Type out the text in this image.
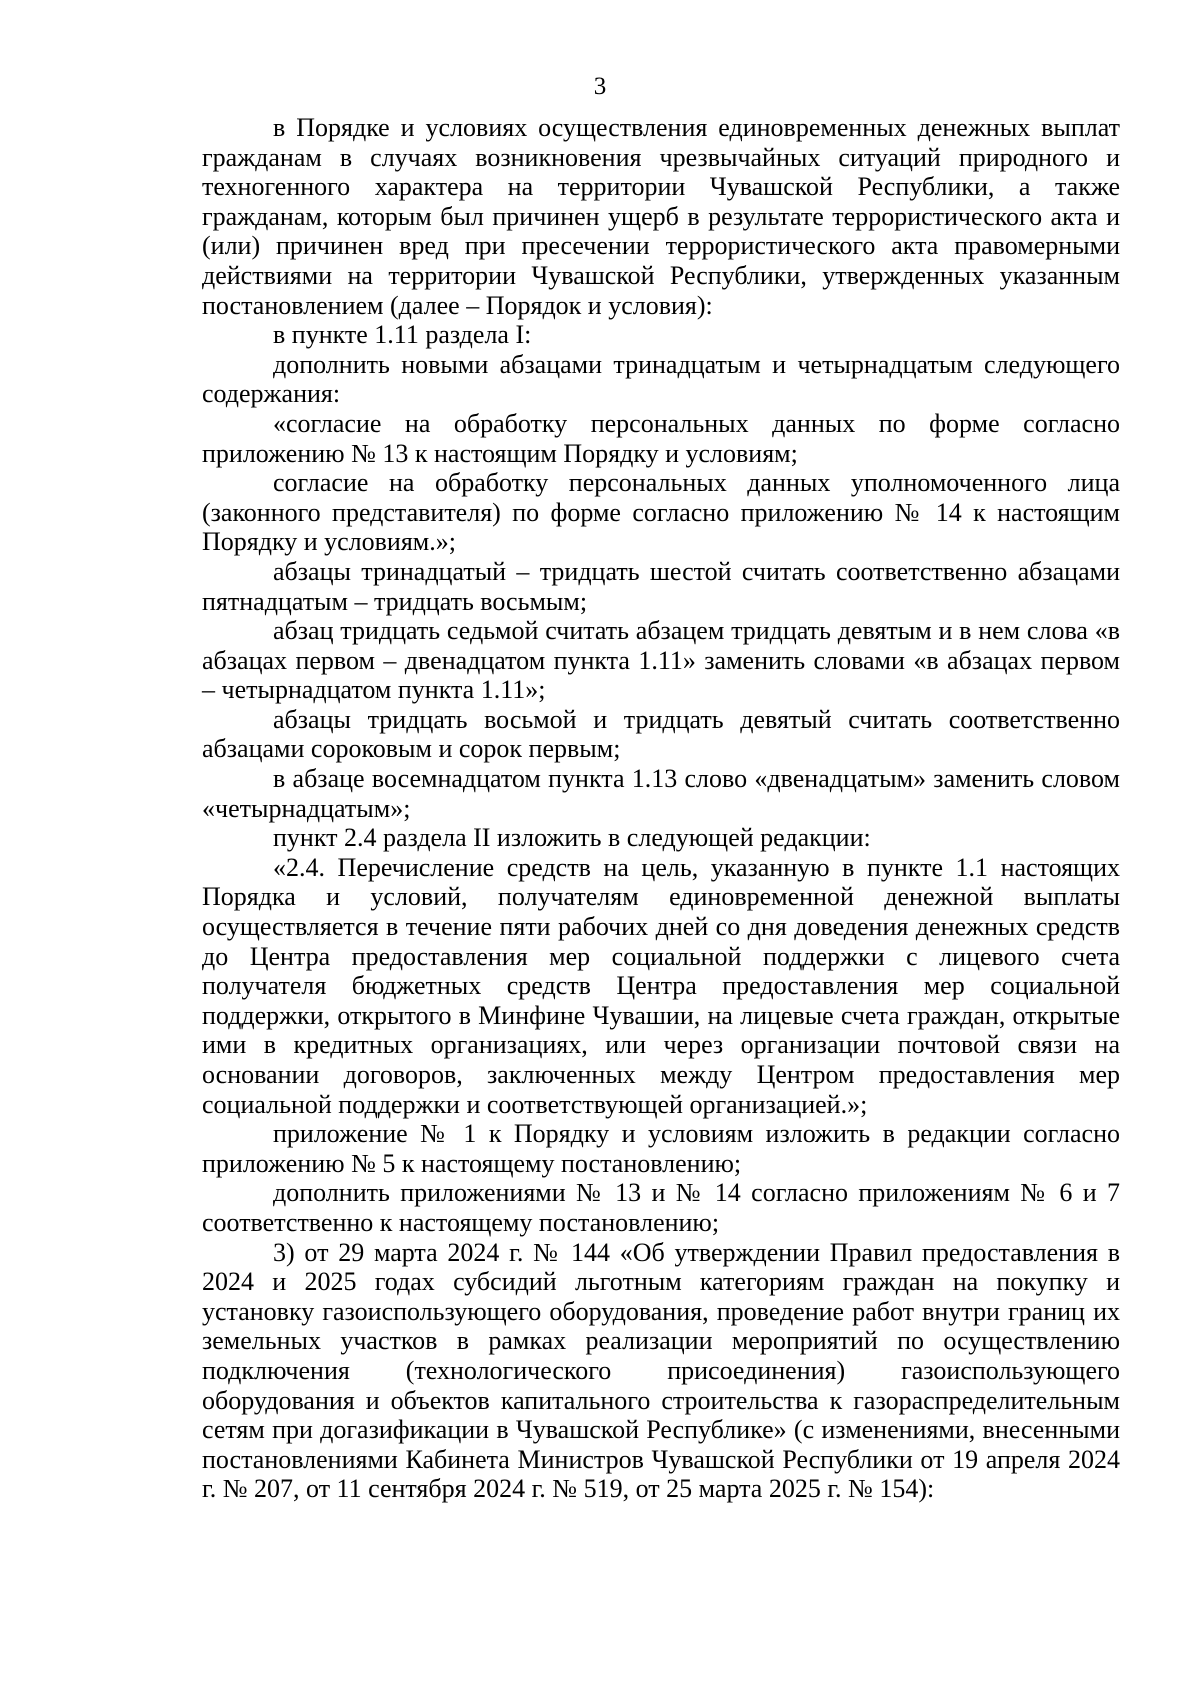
3

в Порядке и условиях осуществления единовременных денежных выплат гражданам в случаях возникновения чрезвычайных ситуаций природного и техногенного характера на территории Чувашской Республики, а также гражданам, которым был причинен ущерб в результате террористического акта и (или) причинен вред при пресечении террористического акта правомерными действиями на территории Чувашской Республики, утвержденных указанным постановлением (далее – Порядок и условия):

в пункте 1.11 раздела I:

дополнить новыми абзацами тринадцатым и четырнадцатым следующего содержания:

«согласие на обработку персональных данных по форме согласно приложению № 13 к настоящим Порядку и условиям;

согласие на обработку персональных данных уполномоченного лица (законного представителя) по форме согласно приложению № 14 к настоящим Порядку и условиям.»;

абзацы тринадцатый – тридцать шестой считать соответственно абзацами пятнадцатым – тридцать восьмым;

абзац тридцать седьмой считать абзацем тридцать девятым и в нем слова «в абзацах первом – двенадцатом пункта 1.11» заменить словами «в абзацах первом – четырнадцатом пункта 1.11»;

абзацы тридцать восьмой и тридцать девятый считать соответственно абзацами сороковым и сорок первым;

в абзаце восемнадцатом пункта 1.13 слово «двенадцатым» заменить словом «четырнадцатым»;

пункт 2.4 раздела II изложить в следующей редакции:

«2.4. Перечисление средств на цель, указанную в пункте 1.1 настоящих Порядка и условий, получателям единовременной денежной выплаты осуществляется в течение пяти рабочих дней со дня доведения денежных средств до Центра предоставления мер социальной поддержки с лицевого счета получателя бюджетных средств Центра предоставления мер социальной поддержки, открытого в Минфине Чувашии, на лицевые счета граждан, открытые ими в кредитных организациях, или через организации почтовой связи на основании договоров, заключенных между Центром предоставления мер социальной поддержки и соответствующей организацией.»;

приложение № 1 к Порядку и условиям изложить в редакции согласно приложению № 5 к настоящему постановлению;

дополнить приложениями № 13 и № 14 согласно приложениям № 6 и 7 соответственно к настоящему постановлению;

3) от 29 марта 2024 г. № 144 «Об утверждении Правил предоставления в 2024 и 2025 годах субсидий льготным категориям граждан на покупку и установку газоиспользующего оборудования, проведение работ внутри границ их земельных участков в рамках реализации мероприятий по осуществлению подключения (технологического присоединения) газоиспользующего оборудования и объектов капитального строительства к газораспределительным сетям при догазификации в Чувашской Республике» (с изменениями, внесенными постановлениями Кабинета Министров Чувашской Республики от 19 апреля 2024 г. № 207, от 11 сентября 2024 г. № 519, от 25 марта 2025 г. № 154):
